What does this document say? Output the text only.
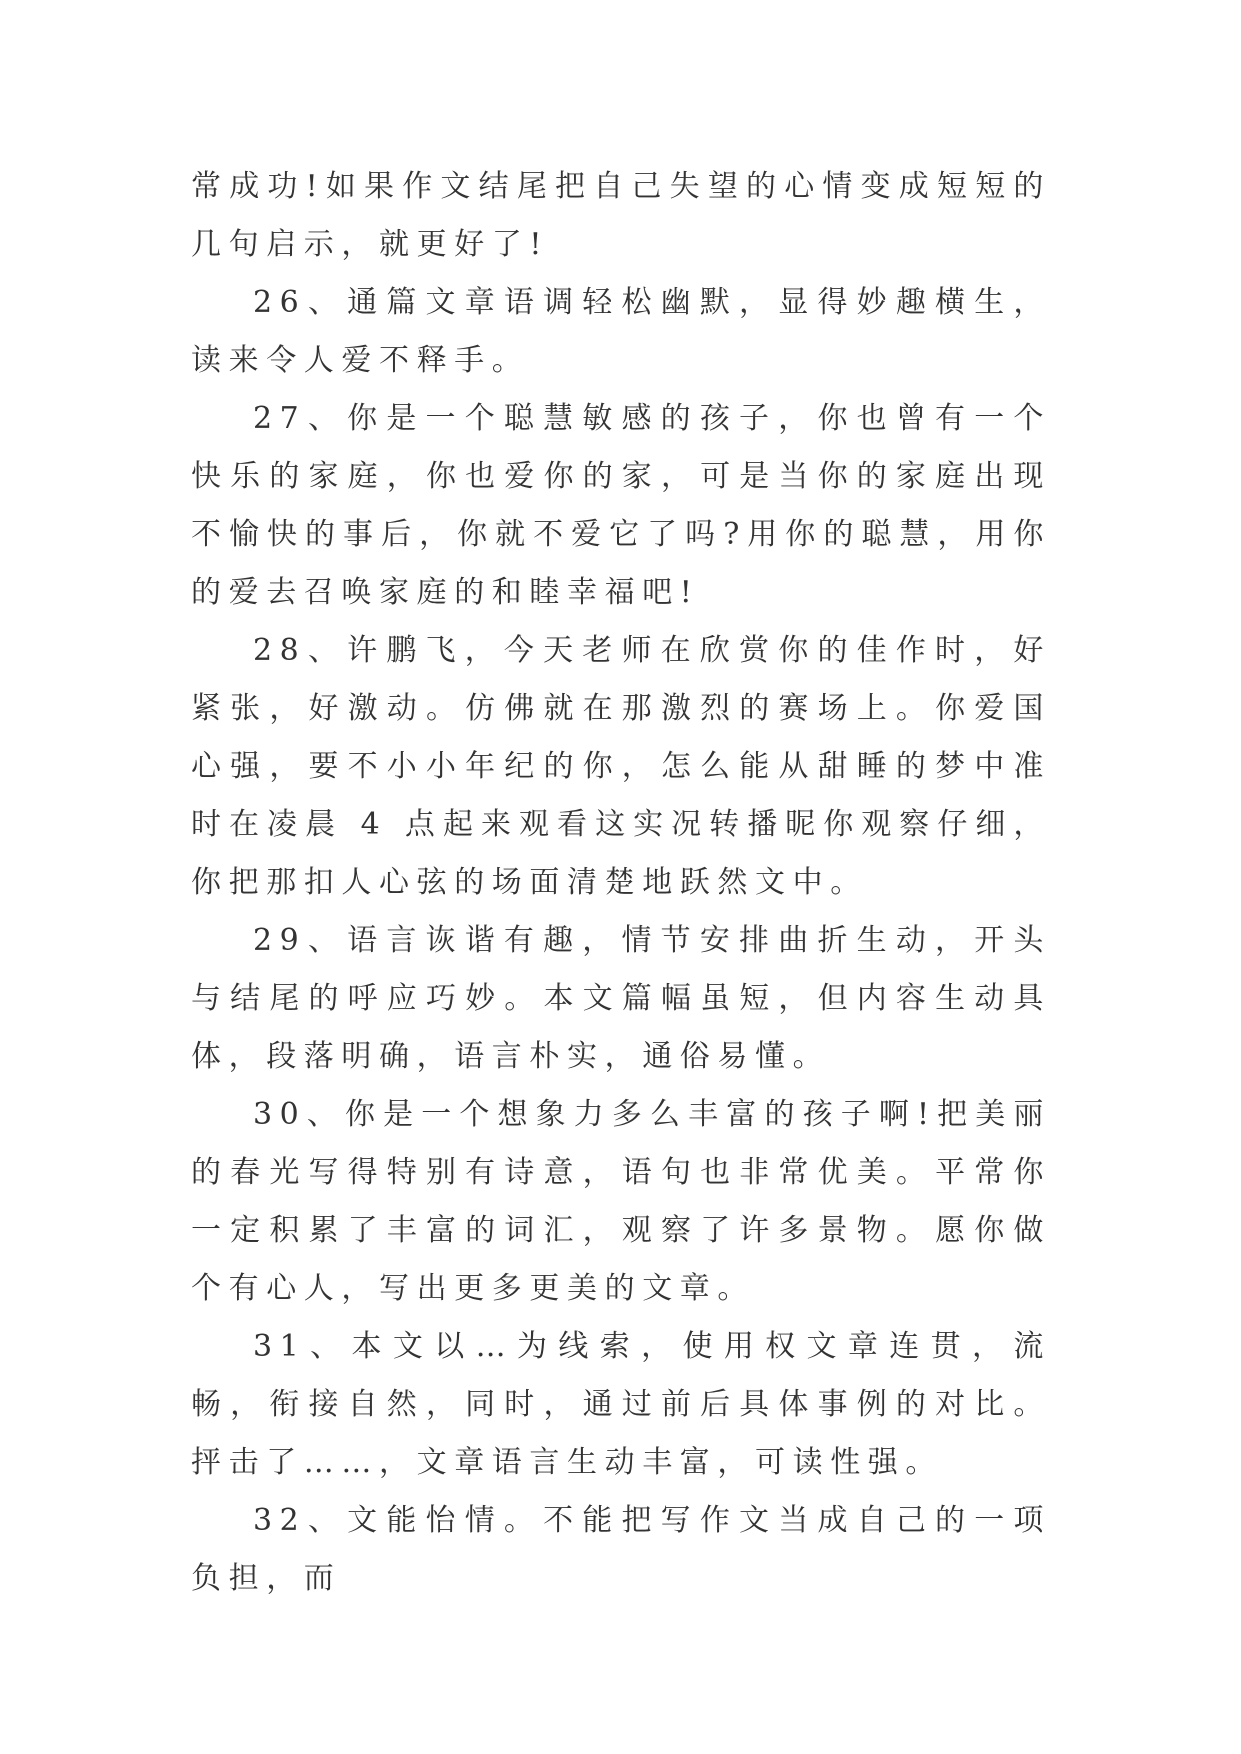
常成功!如果作文结尾把自己失望的心情变成短短的几句启示，就更好了!

26、通篇文章语调轻松幽默，显得妙趣横生，读来令人爱不释手。

27、你是一个聪慧敏感的孩子，你也曾有一个快乐的家庭，你也爱你的家，可是当你的家庭出现不愉快的事后，你就不爱它了吗?用你的聪慧，用你的爱去召唤家庭的和睦幸福吧!

28、许鹏飞，今天老师在欣赏你的佳作时，好紧张，好激动。仿佛就在那激烈的赛场上。你爱国心强，要不小小年纪的你，怎么能从甜睡的梦中准时在凌晨 4 点起来观看这实况转播昵你观察仔细，你把那扣人心弦的场面清楚地跃然文中。

29、语言诙谐有趣，情节安排曲折生动，开头与结尾的呼应巧妙。本文篇幅虽短，但内容生动具体，段落明确，语言朴实，通俗易懂。

30、你是一个想象力多么丰富的孩子啊!把美丽的春光写得特别有诗意，语句也非常优美。平常你一定积累了丰富的词汇，观察了许多景物。愿你做个有心人，写出更多更美的文章。

31、本文以…为线索，使用权文章连贯，流畅，衔接自然，同时，通过前后具体事例的对比。抨击了……，文章语言生动丰富，可读性强。

32、文能怡情。不能把写作文当成自己的一项负担，而
